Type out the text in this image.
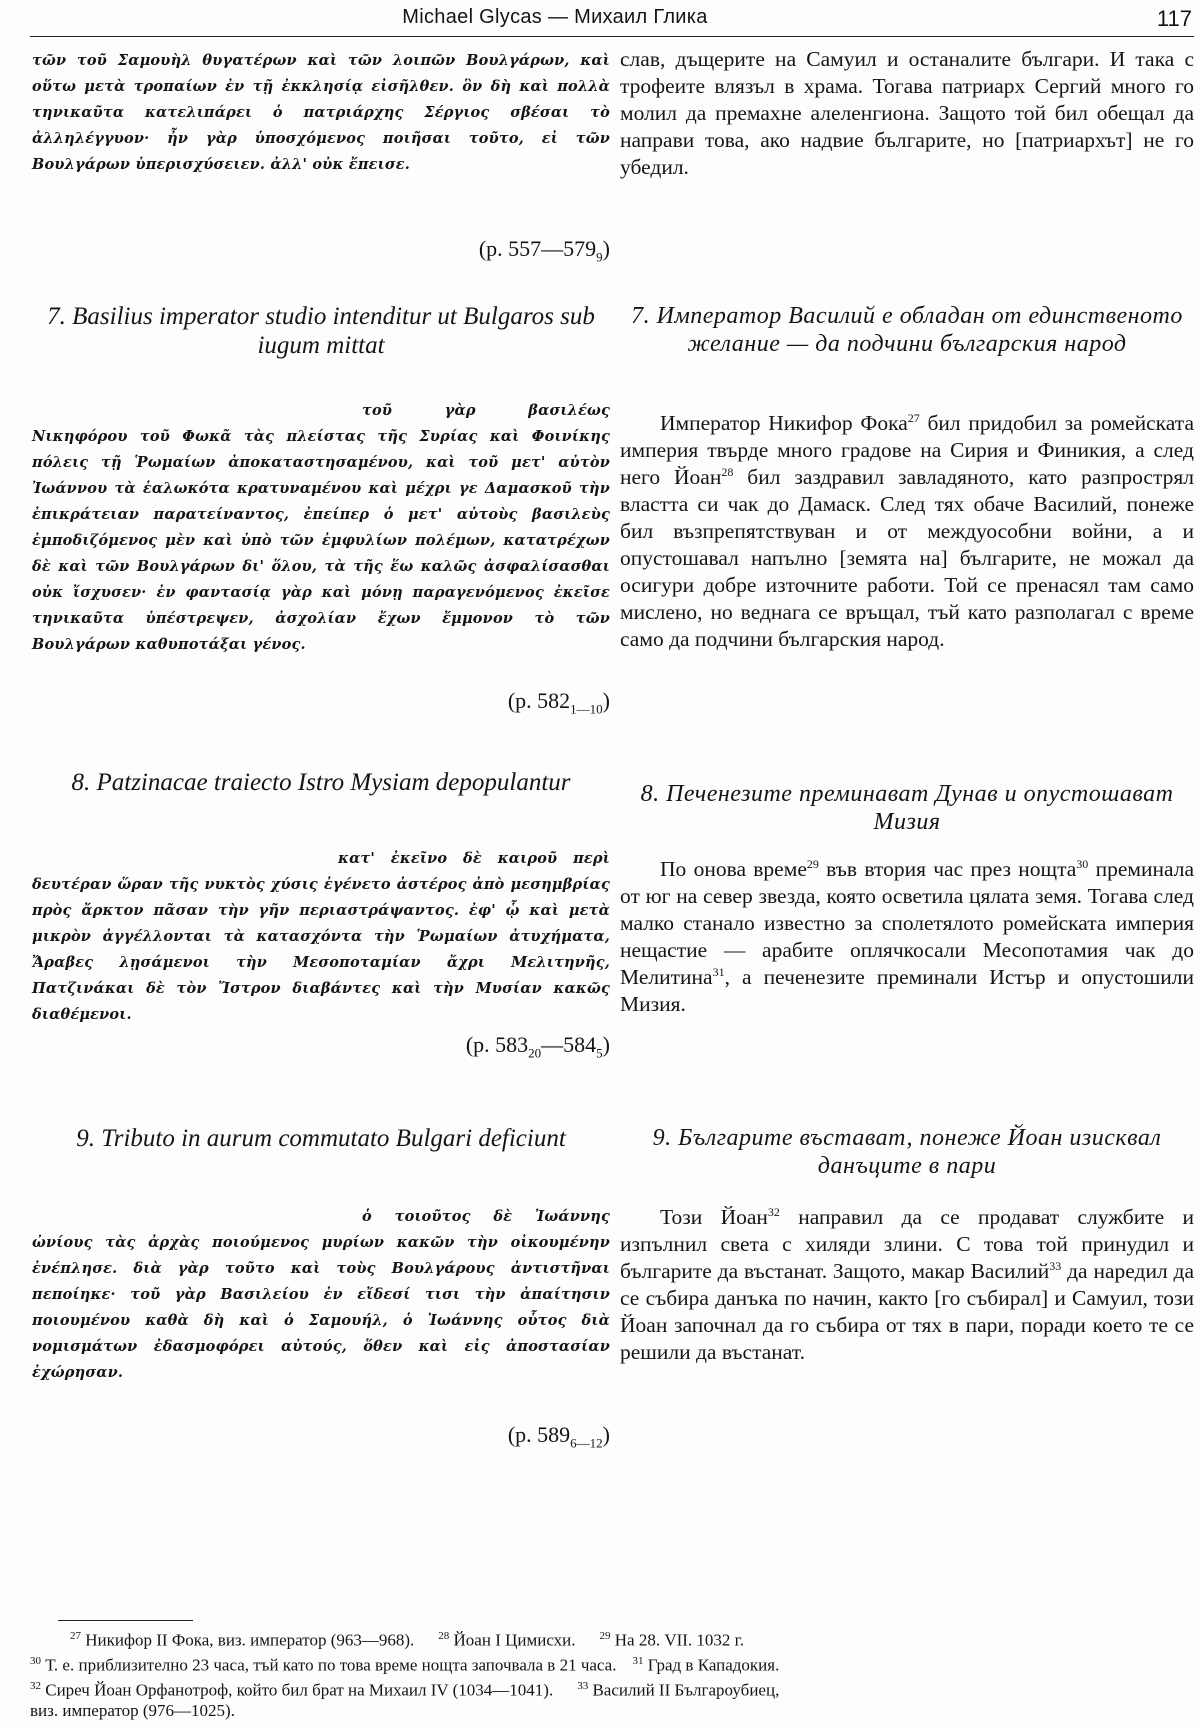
Michael Glycas — Михаил Глика	117

τῶν τοῦ Σαμουὴλ θυγατέρων καὶ τῶν λοιπῶν Βουλγάρων, καὶ οὕτω μετὰ τροπαίων ἐν τῇ ἐκκλησίᾳ εἰσῆλθεν. ὃν δὴ καὶ πολλὰ τηνικαῦτα κατελιπάρει ὁ πατριάρχης Σέργιος σβέσαι τὸ ἀλληλέγγυον· ἦν γὰρ ὑποσχόμενος ποιῆσαι τοῦτο, εἰ τῶν Βουλγάρων ὑπερισχύσειεν. ἀλλ' οὐκ ἔπεισε.

(p. $557—579_9$)

7. Basilius imperator studio intenditur ut Bulgaros sub iugum mittat

τοῦ γὰρ βασιλέως Νικηφόρου τοῦ Φωκᾶ τὰς πλείστας τῆς Συρίας καὶ Φοινίκης πόλεις τῇ Ῥωμαίων ἀποκαταστησαμένου, καὶ τοῦ μετ' αὐτὸν Ἰωάννου τὰ ἑαλωκότα κρατυναμένου καὶ μέχρι γε Δαμασκοῦ τὴν ἐπικράτειαν παρατείναντος, ἐπείπερ ὁ μετ' αὐτοὺς βασιλεὺς ἐμποδιζόμενος μὲν καὶ ὑπὸ τῶν ἐμφυλίων πολέμων, κατατρέχων δὲ καὶ τῶν Βουλγάρων δι' ὅλου, τὰ τῆς ἕω καλῶς ἀσφαλίσασθαι οὐκ ἴσχυσεν· ἐν φαντασίᾳ γὰρ καὶ μόνῃ παραγενόμενος ἐκεῖσε τηνικαῦτα ὑπέστρεψεν, ἀσχολίαν ἔχων ἔμμονον τὸ τῶν Βουλγάρων καθυποτάξαι γένος.

(p. $582_{1—10}$)

8. Patzinacae traiecto Istro Mysiam depopulantur

κατ' ἐκεῖνο δὲ καιροῦ περὶ δευτέραν ὥραν τῆς νυκτὸς χύσις ἐγένετο ἀστέρος ἀπὸ μεσημβρίας πρὸς ἄρκτον πᾶσαν τὴν γῆν περιαστράψαντος. ἐφ' ᾧ καὶ μετὰ μικρὸν ἀγγέλλονται τὰ κατασχόντα τὴν Ῥωμαίων ἀτυχήματα, Ἄραβες λῃσάμενοι τὴν Μεσοποταμίαν ἄχρι Μελιτηνῆς, Πατζινάκαι δὲ τὸν Ἴστρον διαβάντες καὶ τὴν Μυσίαν κακῶς διαθέμενοι.

(p. $583_{20}—584_5$)

9. Tributo in aurum commutato Bulgari deficiunt

ὁ τοιοῦτος δὲ Ἰωάννης ὠνίους τὰς ἀρχὰς ποιούμενος μυρίων κακῶν τὴν οἰκουμένην ἐνέπλησε. διὰ γὰρ τοῦτο καὶ τοὺς Βουλγάρους ἀντιστῆναι πεποίηκε· τοῦ γὰρ Βασιλείου ἐν εἴδεσί τισι τὴν ἀπαίτησιν ποιουμένου καθὰ δὴ καὶ ὁ Σαμουήλ, ὁ Ἰωάννης οὗτος διὰ νομισμάτων ἐδασμοφόρει αὐτούς, ὅθεν καὶ εἰς ἀποστασίαν ἐχώρησαν.

(p. $589_{6—12}$)

слав, дъщерите на Самуил и останалите българи. И така с трофеите влязъл в храма. Тогава патриарх Сергий много го молил да премахне алеленгиона. Защото той бил обещал да направи това, ако надвие българите, но [патриархът] не го убедил.

7. Император Василий е обладан от единственото желание — да подчини българския народ

Император Никифор Фока$^{27}$ бил придобил за ромейската империя твърде много градове на Сирия и Финикия, а след него Йоан$^{28}$ бил заздравил завладяното, като разпрострял властта си чак до Дамаск. След тях обаче Василий, понеже бил възпрепятствуван и от междуособни войни, а и опустошавал напълно [земята на] българите, не можал да осигури добре източните работи. Той се пренасял там само мислено, но веднага се връщал, тъй като разполагал с време само да подчини българския народ.

8. Печенезите преминават Дунав и опустошават Мизия

По онова време$^{29}$ във втория час през нощта$^{30}$ преминала от юг на север звезда, която осветила цялата земя. Тогава след малко станало известно за сполетялото ромейската империя нещастие — арабите оплячкосали Месопотамия чак до Мелитина$^{31}$, а печенезите преминали Истър и опустошили Мизия.

9. Българите въстават, понеже Йоан изисквал данъците в пари

Този Йоан$^{32}$ направил да се продават службите и изпълнил света с хиляди злини. С това той принудил и българите да въстанат. Защото, макар Василий$^{33}$ да наредил да се събира данъка по начин, както [го събирал] и Самуил, този Йоан започнал да го събира от тях в пари, поради което те се решили да въстанат.

$^{27}$ Никифор II Фока, виз. император (963—968). $^{28}$ Йоан I Цимисхи. $^{29}$ На 28. VII. 1032 г.

$^{30}$ Т. е. приблизително 23 часа, тъй като по това време нощта започвала в 21 часа. $^{31}$ Град в Кападокия.

$^{32}$ Сиреч Йоан Орфанотроф, който бил брат на Михаил IV (1034—1041). $^{33}$ Василий II Българоубиец,

виз. император (976—1025).
